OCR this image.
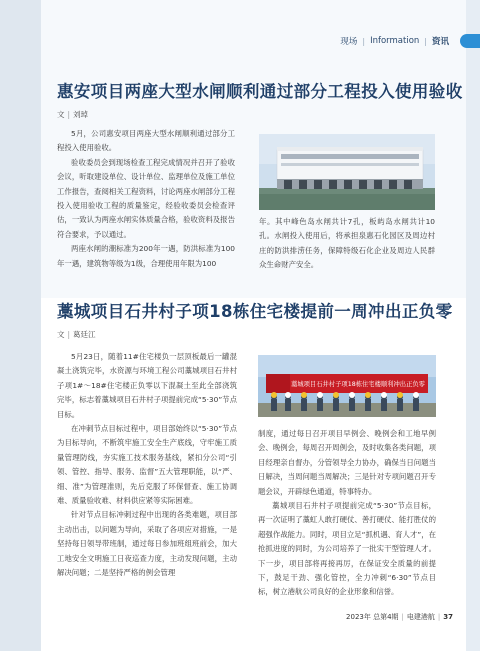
现场 | Information | 资讯
惠安项目两座大型水闸顺利通过部分工程投入使用验收
文 | 刘琸

5月，公司惠安项目两座大型水闸顺利通过部分工程投入使用验收。

验收委员会到现场检查工程完成情况并召开了验收会议，听取建设单位、设计单位、监理单位及施工单位工作报告，查阅相关工程资料，讨论两座水闸部分工程投入使用验收工程的质量鉴定，经验收委员会检查评估，一致认为两座水闸实体质量合格，验收资料及报告符合要求，予以通过。

两座水闸的潮标准为200年一遇，防洪标准为100年一遇，建筑物等级为1级，合理使用年限为100

年。其中峰色岛水闸共计7孔，板屿岛水闸共计10孔。水闸投入使用后，将承担泉惠石化园区及周边村庄的防洪排涝任务，保障特级石化企业及周边人民群众生命财产安全。

藁城项目石井村子项18栋住宅楼提前一周冲出正负零
文 | 葛廷江

5月23日，随着11#住宅楼负一层顶板最后一罐混凝土浇筑完毕，水资源与环境工程公司藁城项目石井村子项1#～18#住宅楼正负零以下混凝土至此全部浇筑完毕，标志着藁城项目石井村子项提前完成“5·30”节点目标。

在冲刺节点目标过程中，项目部始终以“5·30”节点为目标导向，不断筑牢施工安全生产底线，守牢施工质量管理防线，夯实施工技术服务基线，紧扣分公司“引领、管控、指导、服务、监督”五大管理职能，以“严、细、准”为管理准则，先后克服了环保督查、施工协调难、质量验收难、材料供应紧等实际困难。

针对节点目标冲刺过程中出现的各类难题，项目部主动出击，以问题为导向，采取了各项应对措施，一是坚持每日领导带班制，通过每日参加班组班前会，加大工地安全文明施工日夜巡查力度，主动发现问题，主动解决问题；二是坚持严格的例会管理

藁城项目石井村子项18栋住宅楼顺利冲出正负零

制度，通过每日召开项目早例会、晚例会和工地早例会、晚例会，每周召开周例会，及时收集各类问题，项目经理亲自督办，分管领导全力协办，确保当日问题当日解决，当周问题当周解决；三是针对专项问题召开专题会议，开辟绿色通道，特事特办。

藁城项目石井村子项提前完成“5·30”节点目标，再一次证明了藁虹人敢打硬仗、善打硬仗、能打胜仗的超强作战能力。同时，项目立足“抓机遇、育人才”，在抢抓进度的同时，为公司培养了一批实干型管理人才。下一步，项目部将再接再厉，在保证安全质量的前提下，鼓足干劲、强化管控，全力冲刺“6·30”节点目标，树立港航公司良好的企业形象和信誉。

2023年 总第4期 | 电建港航 | 37
